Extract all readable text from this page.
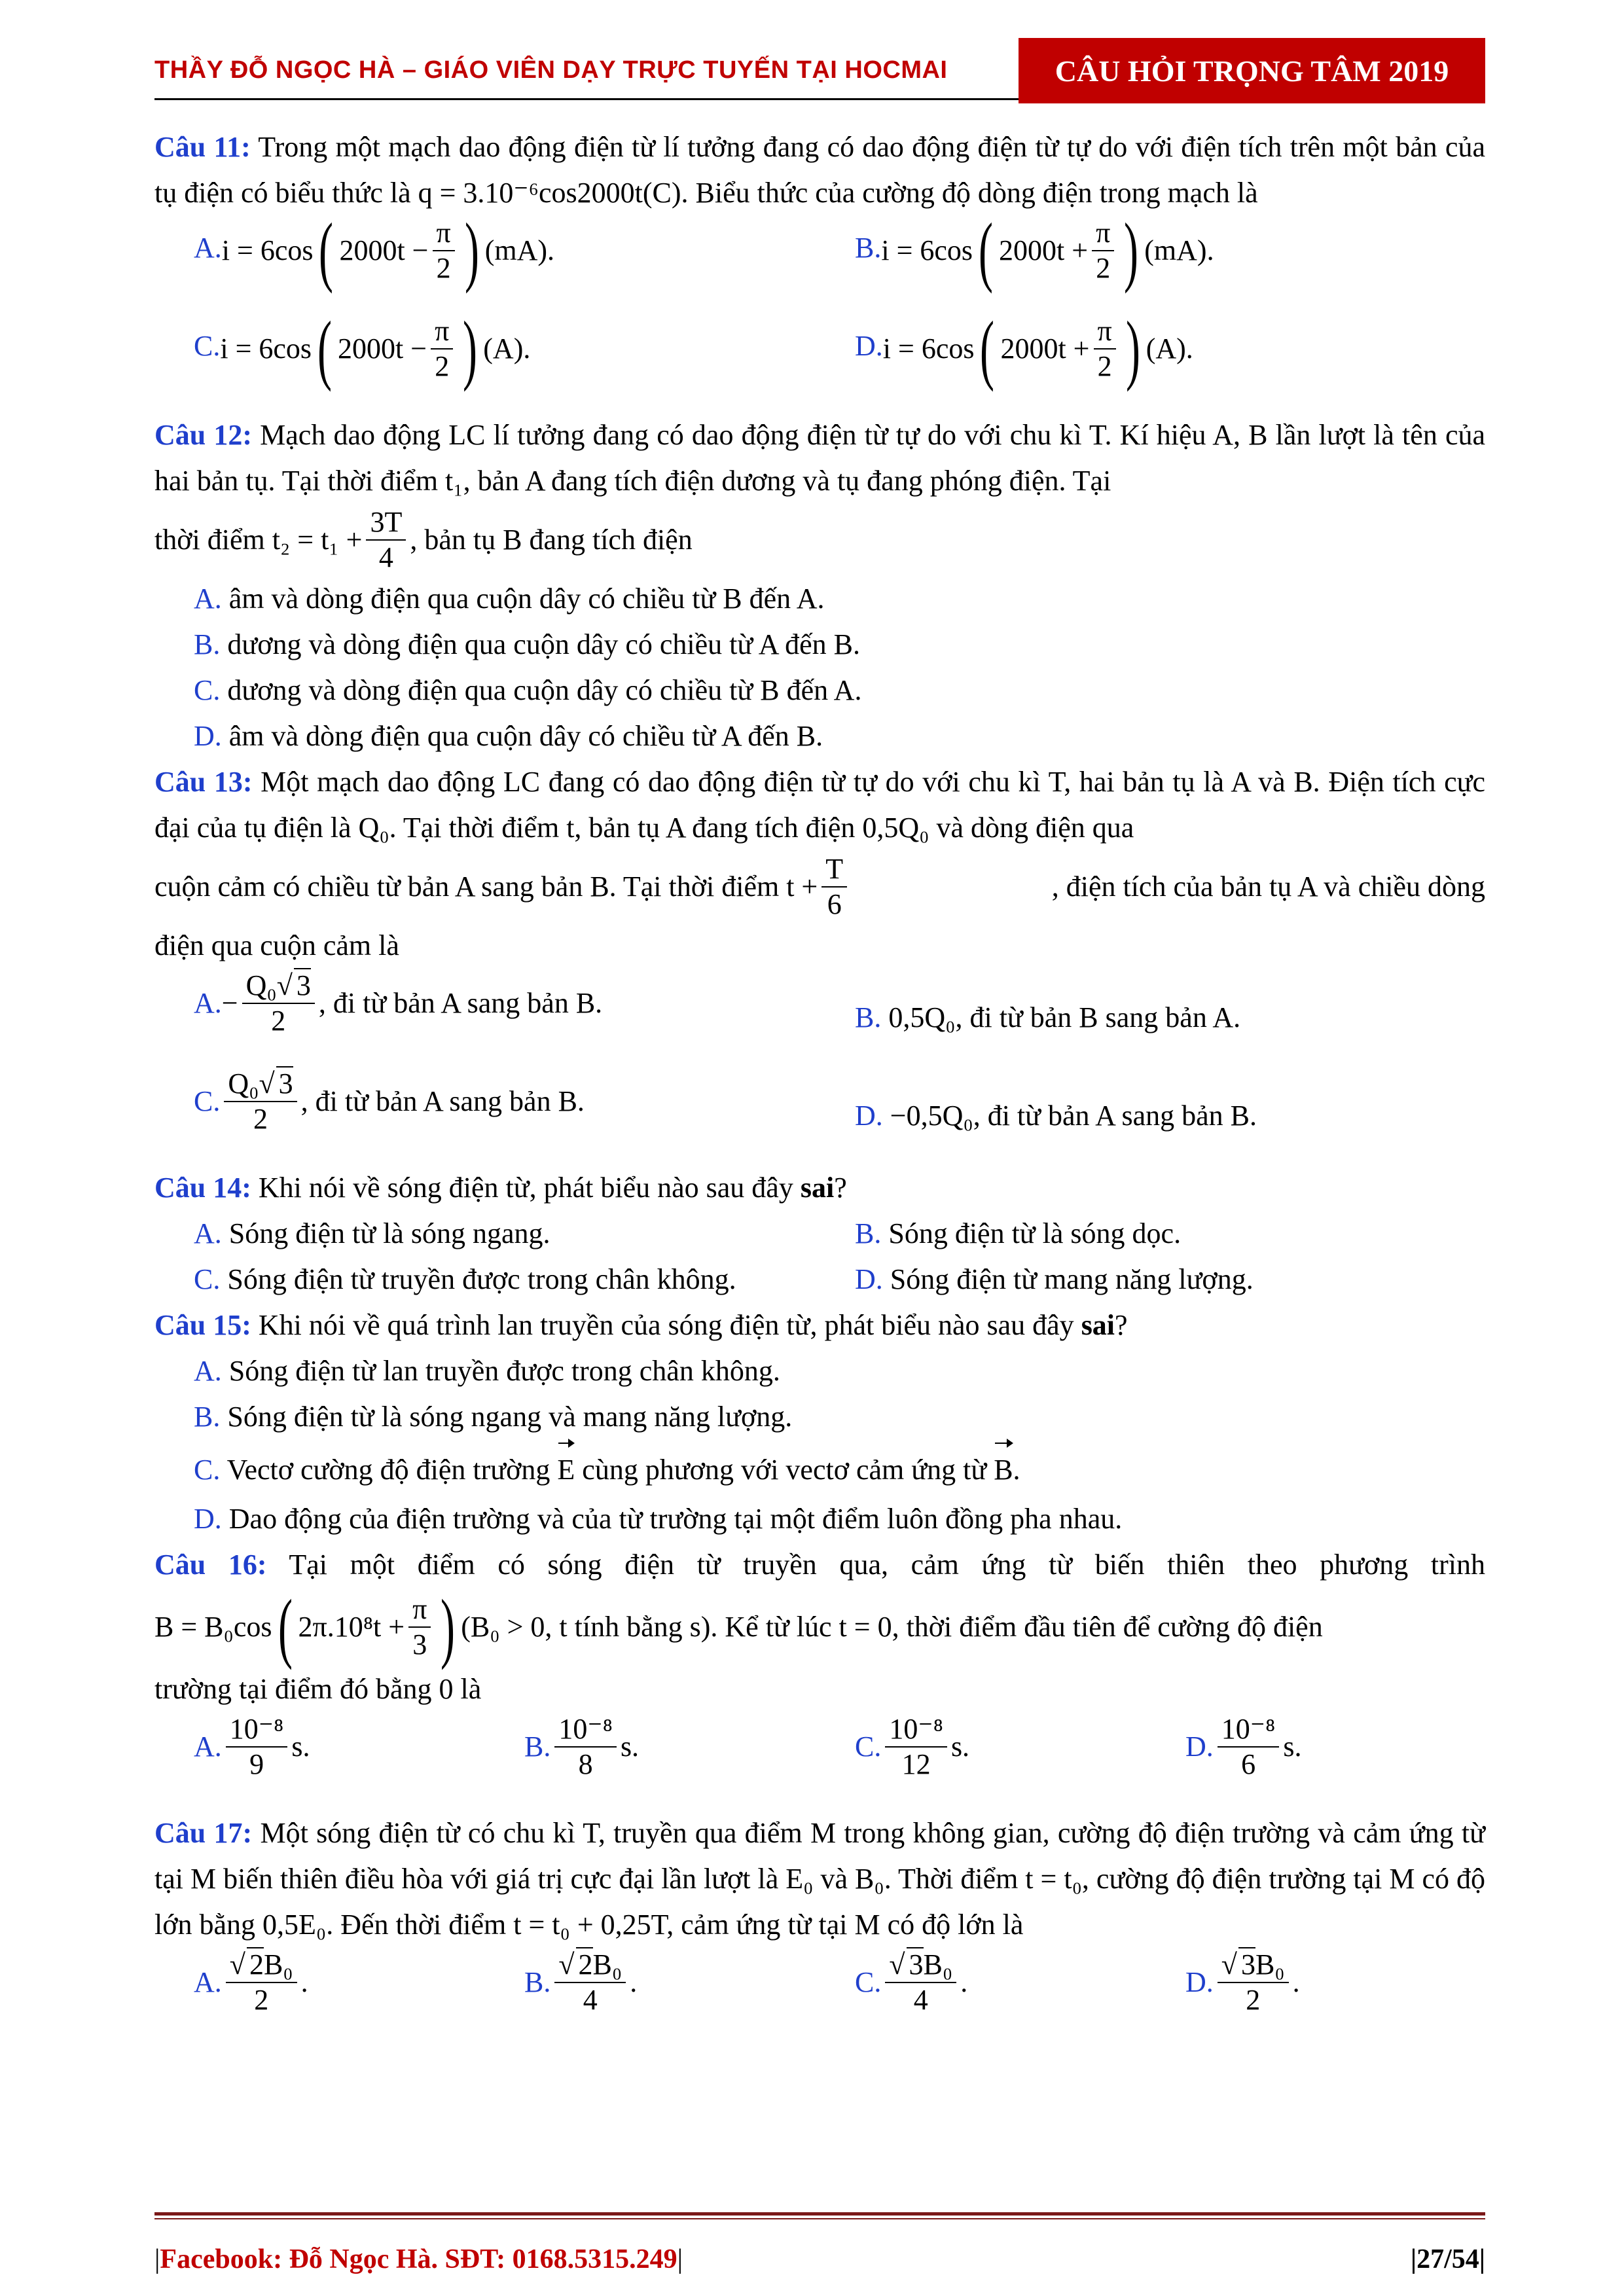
THẦY ĐỖ NGỌC HÀ – GIÁO VIÊN DẠY TRỰC TUYẾN TẠI HOCMAI	CÂU HỎI TRỌNG TÂM 2019

Câu 11: Trong một mạch dao động điện từ lí tưởng đang có dao động điện từ tự do với điện tích trên một bản của tụ điện có biểu thức là q = 3.10⁻⁶cos2000t(C). Biểu thức của cường độ dòng điện trong mạch là

A. i = 6cos ( $2000t - \frac{\pi}{2}$ ) (mA) .	B. i = 6cos ( $2000t + \frac{\pi}{2}$ ) (mA) .
C. i = 6cos ( $2000t - \frac{\pi}{2}$ ) (A) .	D. i = 6cos ( $2000t + \frac{\pi}{2}$ ) (A) .

Câu 12: Mạch dao động LC lí tưởng đang có dao động điện từ tự do với chu kì T. Kí hiệu A, B lần lượt là tên của hai bản tụ. Tại thời điểm t₁, bản A đang tích điện dương và tụ đang phóng điện. Tại

thời điểm $t_2 = t_1 + \frac{3T}{4}$ , bản tụ B đang tích điện
A. âm và dòng điện qua cuộn dây có chiều từ B đến A.
B. dương và dòng điện qua cuộn dây có chiều từ A đến B.
C. dương và dòng điện qua cuộn dây có chiều từ B đến A.
D. âm và dòng điện qua cuộn dây có chiều từ A đến B.

Câu 13: Một mạch dao động LC đang có dao động điện từ tự do với chu kì T, hai bản tụ là A và B. Điện tích cực đại của tụ điện là Q₀. Tại thời điểm t, bản tụ A đang tích điện 0,5Q₀ và dòng điện qua

cuộn cảm có chiều từ bản A sang bản B. Tại thời điểm $t + \frac{T}{6}$	, điện tích của bản tụ A và chiều dòng

điện qua cuộn cảm là

A. − $\frac{\text{Q₀√ 3}}{2}$ , đi từ bản A sang bản B.	B. 0,5Q₀, đi từ bản B sang bản A.
C. $\frac{\text{Q₀√ 3}}{2}$ , đi từ bản A sang bản B.	D. −0,5Q₀, đi từ bản A sang bản B.

Câu 14: Khi nói về sóng điện từ, phát biểu nào sau đây sai?

A. Sóng điện từ là sóng ngang.	B. Sóng điện từ là sóng dọc.
C. Sóng điện từ truyền được trong chân không.	D. Sóng điện từ mang năng lượng.

Câu 15: Khi nói về quá trình lan truyền của sóng điện từ, phát biểu nào sau đây sai?

A. Sóng điện từ lan truyền được trong chân không.
B. Sóng điện từ là sóng ngang và mang năng lượng.
C. Vectơ cường độ điện trường E cùng phương với vectơ cảm ứng từ B.
D. Dao động của điện trường và của từ trường tại một điểm luôn đồng pha nhau.

Câu 16: Tại một điểm có sóng điện từ truyền qua, cảm ứng từ biến thiên theo phương trình

B = B₀cos ( $2\pi.10^8t + \frac{\pi}{3}$ ) (B₀ > 0, t tính bằng s). Kể từ lúc t = 0, thời điểm đầu tiên để cường độ điện

trường tại điểm đó bằng 0 là

A. $\frac{\text{10⁻⁸}}{9} s$.	B. $\frac{\text{10⁻⁸}}{8} s$.	C. $\frac{\text{10⁻⁸}}{12} s$.	D. $\frac{\text{10⁻⁸}}{6} s$.

Câu 17: Một sóng điện từ có chu kì T, truyền qua điểm M trong không gian, cường độ điện trường và cảm ứng từ tại M biến thiên điều hòa với giá trị cực đại lần lượt là E₀ và B₀. Thời điểm t = t₀, cường độ điện trường tại M có độ lớn bằng 0,5E₀. Đến thời điểm t = t₀ + 0,25T, cảm ứng từ tại M có độ lớn là

A. $\frac{\text{√ 2B₀}}{2}$ .	B. $\frac{\text{√ 2B₀}}{4}$ .	C. $\frac{\text{√ 3B₀}}{4}$ .	D. $\frac{\text{√ 3B₀}}{2}$ .
|Facebook: Đỗ Ngọc Hà. SĐT: 0168.5315.249|	|27/54|
